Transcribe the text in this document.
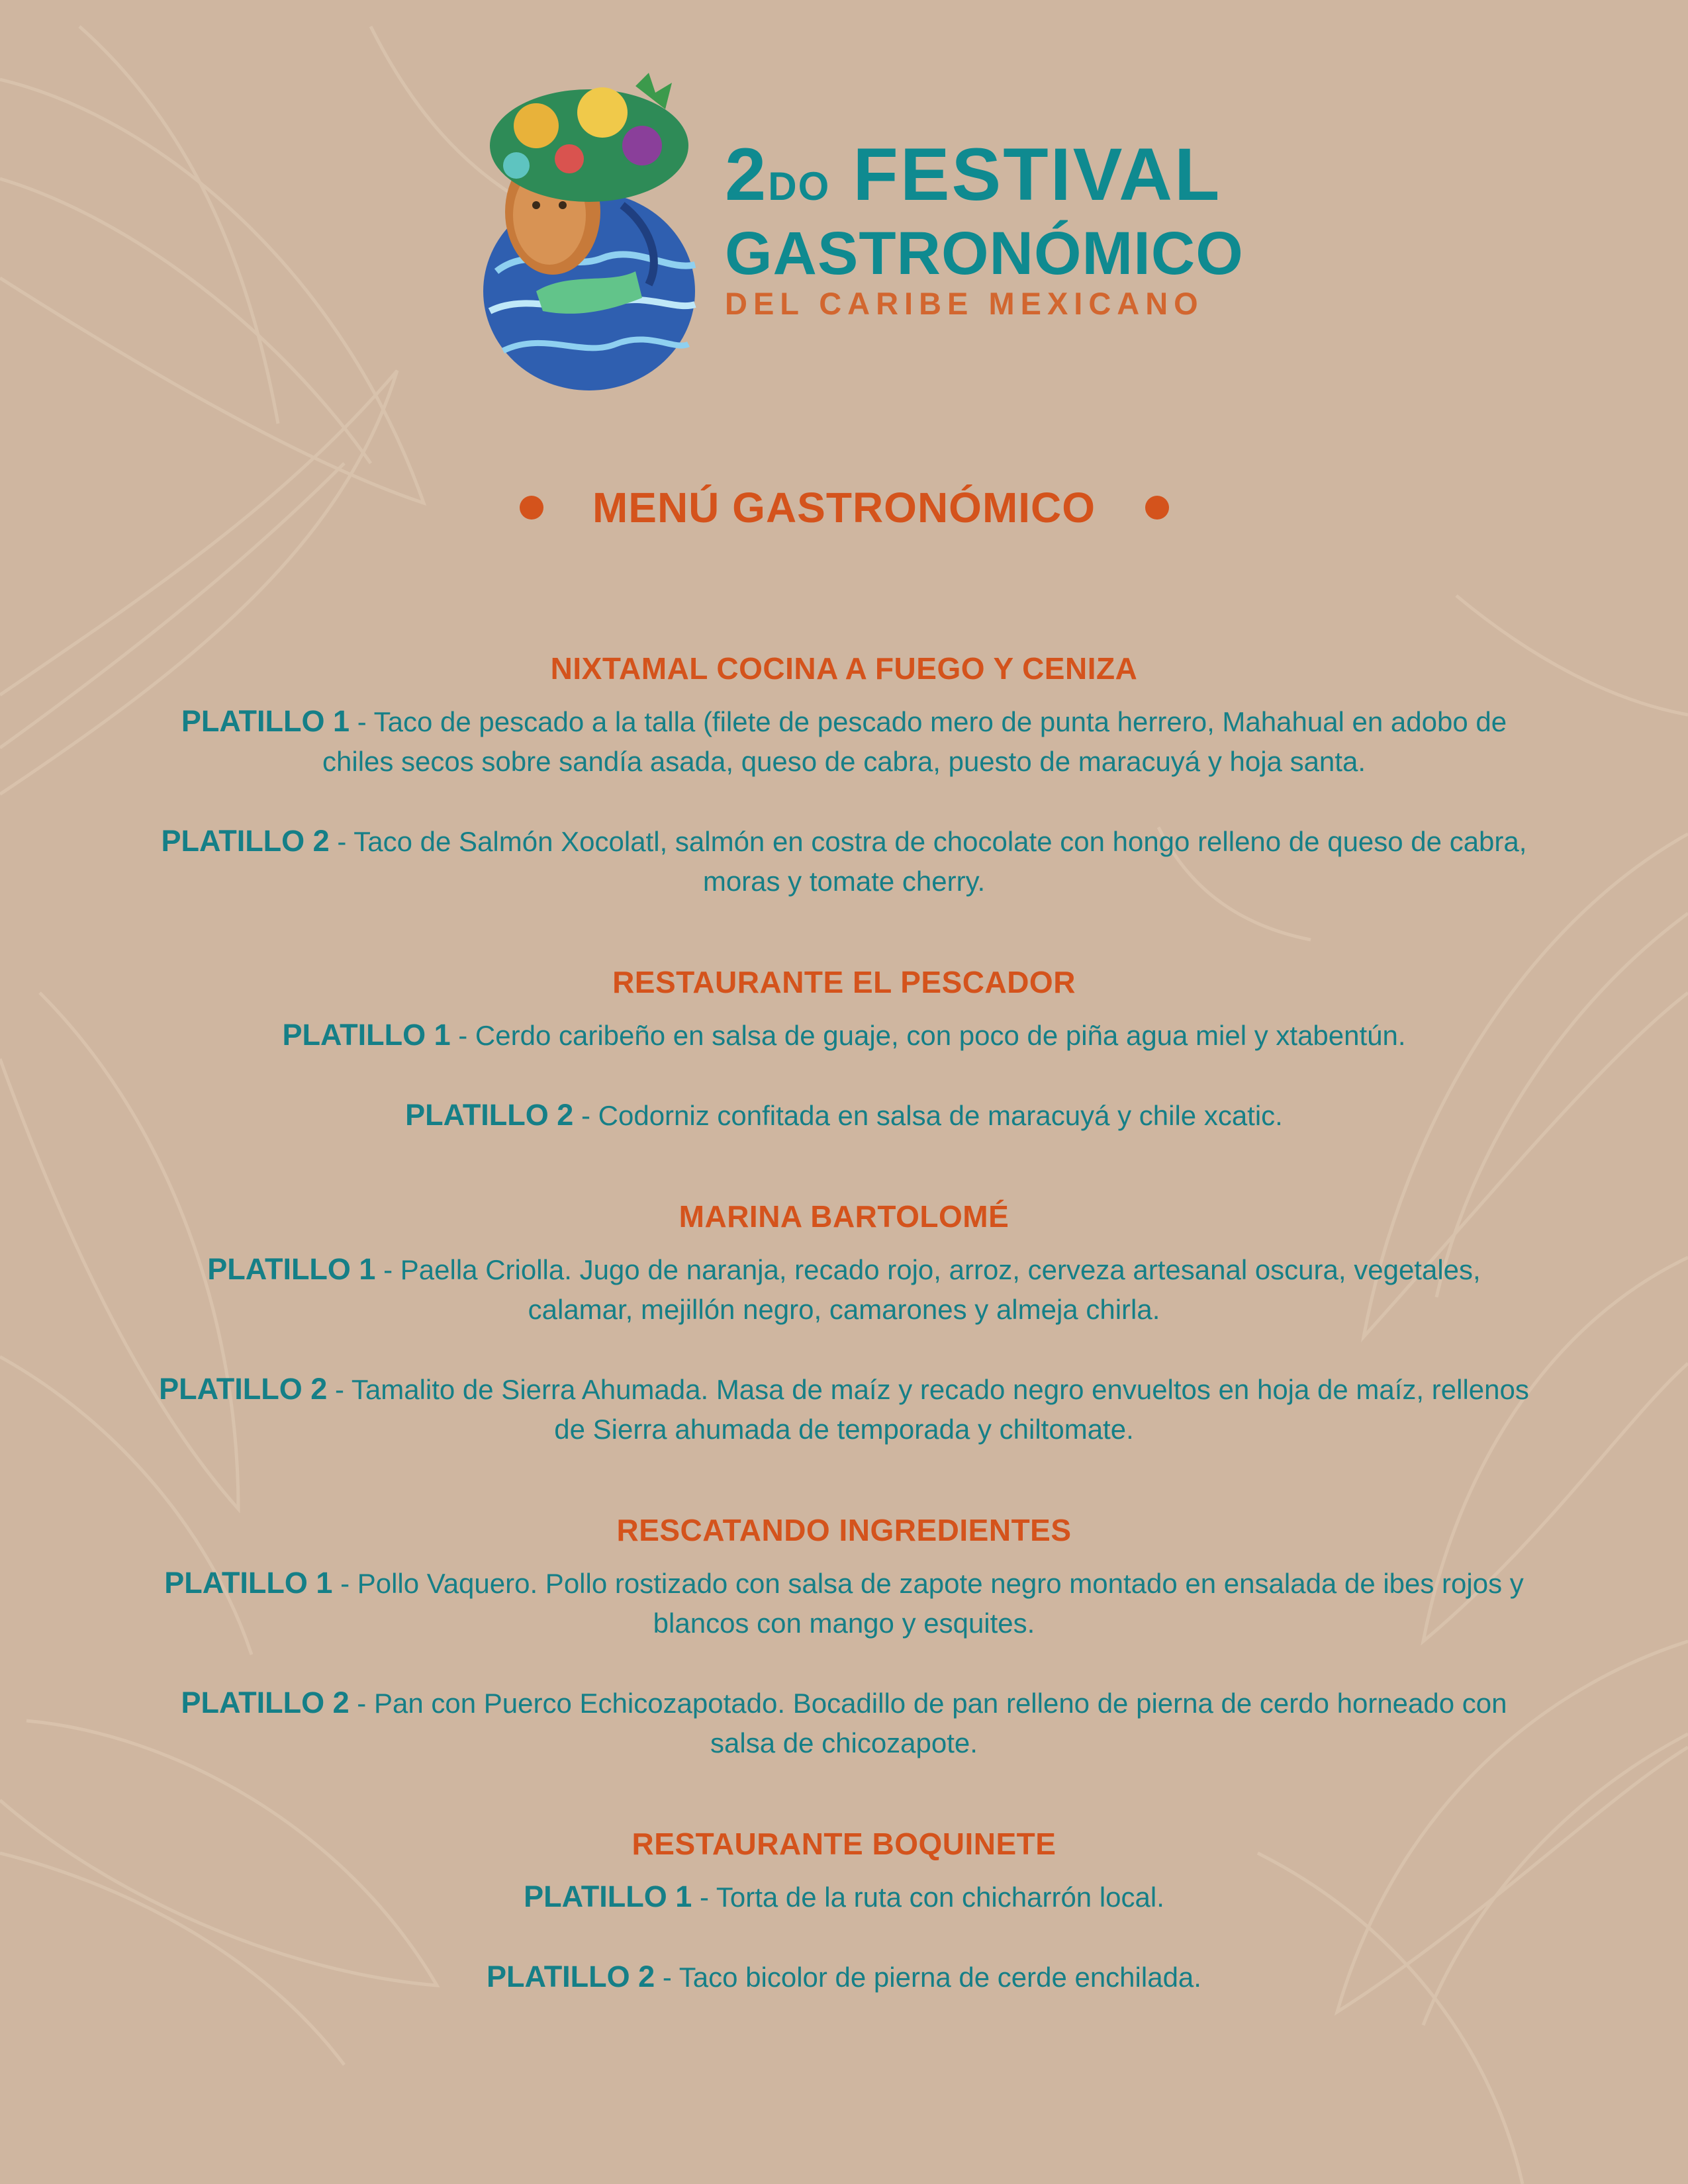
2DO FESTIVAL
GASTRONÓMICO
DEL CARIBE MEXICANO
MENÚ GASTRONÓMICO
NIXTAMAL COCINA A FUEGO Y CENIZA
PLATILLO 1 - Taco de pescado a la talla (filete de pescado mero de punta herrero, Mahahual en adobo de chiles secos sobre sandía asada, queso de cabra, puesto de maracuyá y hoja santa.
PLATILLO 2 - Taco de Salmón Xocolatl, salmón en costra de chocolate con hongo relleno de queso de cabra, moras y tomate cherry.
RESTAURANTE EL PESCADOR
PLATILLO 1 - Cerdo caribeño en salsa de guaje, con poco de piña agua miel y xtabentún.
PLATILLO 2 - Codorniz confitada en salsa de maracuyá y chile xcatic.
MARINA BARTOLOMÉ
PLATILLO 1 - Paella Criolla. Jugo de naranja, recado rojo, arroz, cerveza artesanal oscura, vegetales, calamar, mejillón negro, camarones y almeja chirla.
PLATILLO 2 - Tamalito de Sierra Ahumada. Masa de maíz y recado negro envueltos en hoja de maíz, rellenos de Sierra ahumada de temporada y chiltomate.
RESCATANDO INGREDIENTES
PLATILLO 1 - Pollo Vaquero. Pollo rostizado con salsa de zapote negro montado en ensalada de ibes rojos y blancos con mango y esquites.
PLATILLO 2 - Pan con Puerco Echicozapotado. Bocadillo de pan relleno de pierna de cerdo horneado con salsa de chicozapote.
RESTAURANTE BOQUINETE
PLATILLO 1 - Torta de la ruta con chicharrón local.
PLATILLO 2 - Taco bicolor de pierna de cerde enchilada.
